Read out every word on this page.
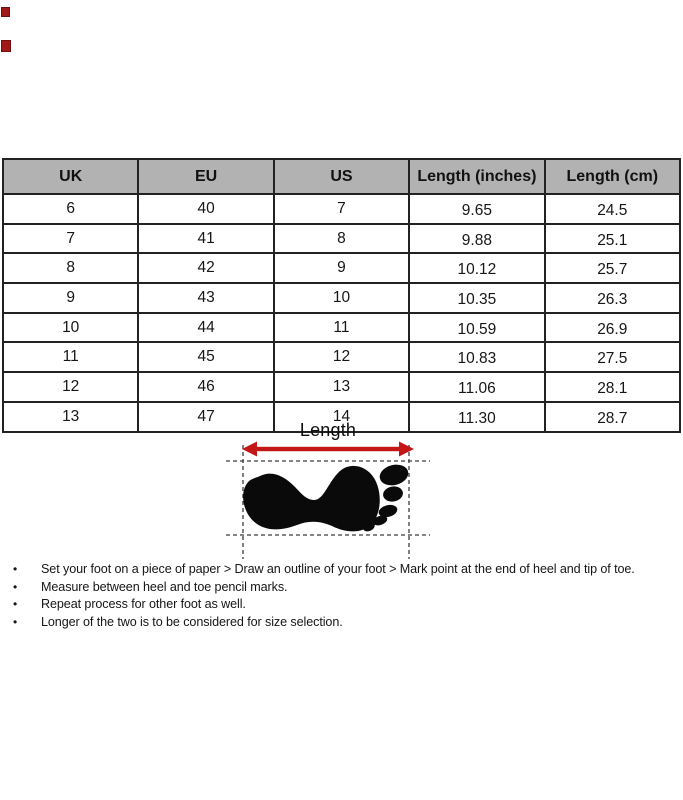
UK	EU	US	Length (inches)	Length (cm)
6	40	7	9.65	24.5
7	41	8	9.88	25.1
8	42	9	10.12	25.7
9	43	10	10.35	26.3
10	44	11	10.59	26.9
11	45	12	10.83	27.5
12	46	13	11.06	28.1
13	47	14	11.30	28.7
Length
•	Set your foot on a piece of paper > Draw an outline of your foot > Mark point at the end of heel and tip of toe.
•	Measure between heel and toe pencil marks.
•	Repeat process for other foot as well.
•	Longer of the two is to be considered for size selection.
